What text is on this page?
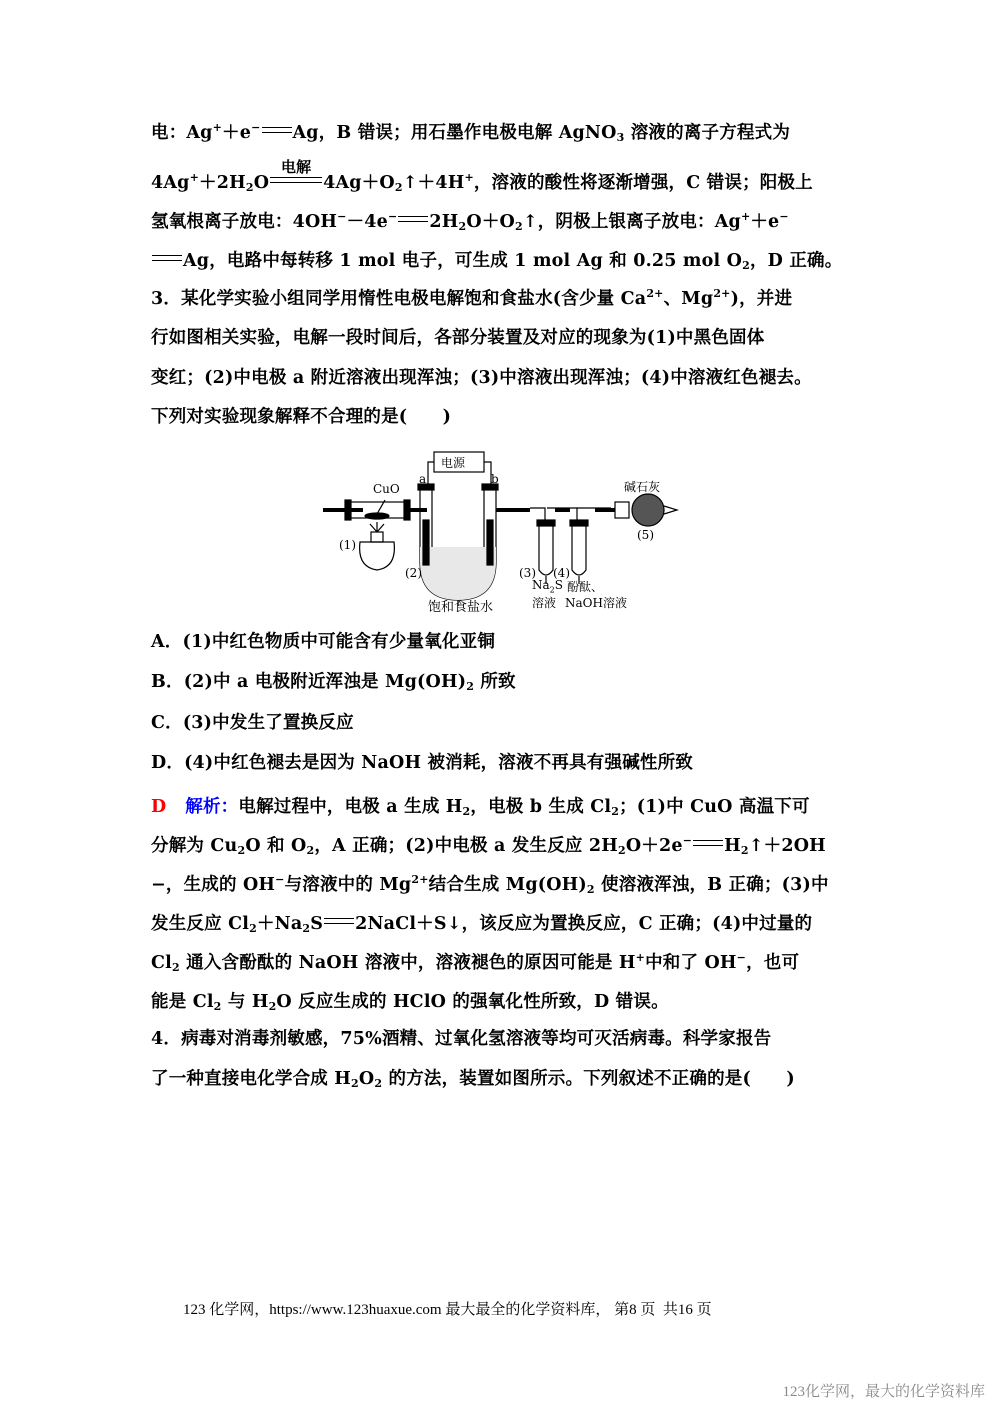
电：Ag+＋e− Ag，B 错误；用石墨作电极电解 AgNO$_3$ 溶液的离子方程式为
$4Ag^++2H_2O$
电解
$4Ag+O_2↑+4H^+$，溶液的酸性将逐渐增强，C 错误；阳极上
氢氧根离子放电：4OH−－4e− $2H_2O+O_2↑$，阴极上银离子放电：Ag+＋e−
Ag，电路中每转移 1 mol 电子，可生成 1 mol Ag 和 0.25 mol $O_2$，D 正确。
3．某化学实验小组同学用惰性电极电解饱和食盐水(含少量 $Ca^{2+}$、$Mg^{2+}$)，并进
行如图相关实验，电解一段时间后，各部分装置及对应的现象为(1)中黑色固体
变红；(2)中电极 a 附近溶液出现浑浊；(3)中溶液出现浑浊；(4)中溶液红色褪去。
下列对实验现象解释不合理的是(　　)
电源
a	b
CuO
(1)
(2)	(3) (4)
(5)
饱和食盐水
$Na_2S$
溶液
酚酞、
NaOH溶液
碱石灰
A．(1)中红色物质中可能含有少量氧化亚铜
B．(2)中 a 电极附近浑浊是 $Mg(OH)_2$ 所致
C．(3)中发生了置换反应
D．(4)中红色褪去是因为 NaOH 被消耗，溶液不再具有强碱性所致
D 解析：电解过程中，电极 a 生成 $H_2$，电极 b 生成 $Cl_2$；(1)中 CuO 高温下可
分解为 $Cu_2O$ 和 $O_2$，A 正确；(2)中电极 a 发生反应 $2H_2O+2e^-$ $H_2↑+2OH$
−，生成的 OH−与溶液中的 $Mg^{2+}$结合生成 $Mg(OH)_2$ 使溶液浑浊，B 正确；(3)中
发生反应 $Cl_2+Na_2S$ 2NaCl＋S↓，该反应为置换反应，C 正确；(4)中过量的
$Cl_2$ 通入含酚酞的 NaOH 溶液中，溶液褪色的原因可能是 H+中和了 OH−，也可
能是 $Cl_2$ 与 $H_2O$ 反应生成的 HClO 的强氧化性所致，D 错误。
4．病毒对消毒剂敏感，75%酒精、过氧化氢溶液等均可灭活病毒。科学家报告
了一种直接电化学合成 $H_2O_2$ 的方法，装置如图所示。下列叙述不正确的是(　　)
123 化学网，https://www.123huaxue.com 最大最全的化学资料库， 第8 页 共16 页
123化学网，最大的化学资料库
